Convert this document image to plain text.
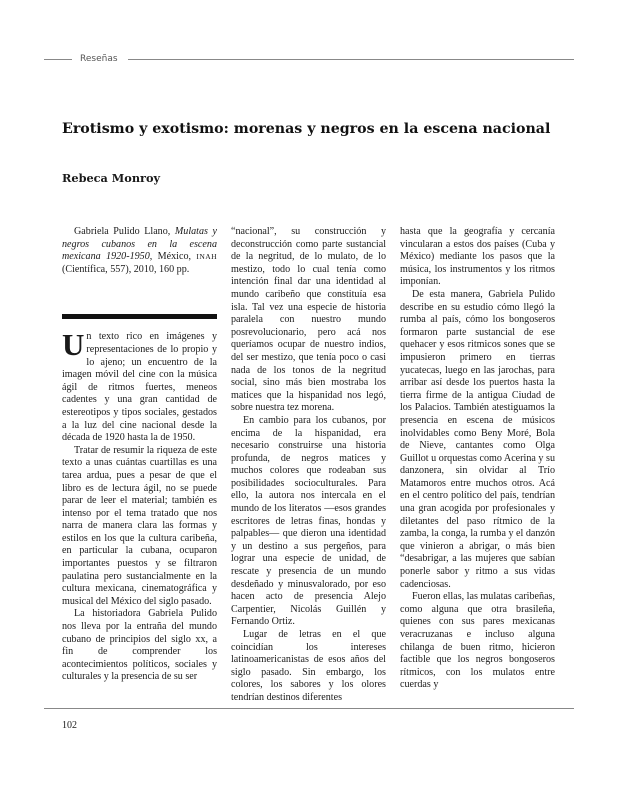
Reseñas
Erotismo y exotismo: morenas y negros en la escena nacional
Rebeca Monroy

Gabriela Pulido Llano, Mulatas y negros cubanos en la escena mexicana 1920-1950, México, INAH (Científica, 557), 2010, 160 pp.

Un texto rico en imágenes y representaciones de lo propio y lo ajeno; un encuentro de la imagen móvil del cine con la música ágil de ritmos fuertes, meneos cadentes y una gran cantidad de estereotipos y tipos sociales, gestados a la luz del cine nacional desde la década de 1920 hasta la de 1950.

Tratar de resumir la riqueza de este texto a unas cuántas cuartillas es una tarea ardua, pues a pesar de que el libro es de lectura ágil, no se puede parar de leer el material; también es intenso por el tema tratado que nos narra de manera clara las formas y estilos en los que la cultura caribeña, en particular la cubana, ocuparon importantes puestos y se filtraron paulatina pero sustancialmente en la cultura mexicana, cinematográfica y musical del México del siglo pasado.

La historiadora Gabriela Pulido nos lleva por la entraña del mundo cubano de principios del siglo xx, a fin de comprender los acontecimientos políticos, sociales y culturales y la presencia de su ser

“nacional”, su construcción y deconstrucción como parte sustancial de la negritud, de lo mulato, de lo mestizo, todo lo cual tenía como intención final dar una identidad al mundo caribeño que constituía esa isla. Tal vez una especie de historia paralela con nuestro mundo posrevolucionario, pero acá nos queríamos ocupar de nuestro indios, del ser mestizo, que tenía poco o casi nada de los tonos de la negritud social, sino más bien mostraba los matices que la hispanidad nos legó, sobre nuestra tez morena.

En cambio para los cubanos, por encima de la hispanidad, era necesario construirse una historia profunda, de negros matices y muchos colores que rodeaban sus posibilidades socioculturales. Para ello, la autora nos intercala en el mundo de los literatos —esos grandes escritores de letras finas, hondas y palpables— que dieron una identidad y un destino a sus pergeños, para lograr una especie de unidad, de rescate y presencia de un mundo desdeñado y minusvalorado, por eso hacen acto de presencia Alejo Carpentier, Nicolás Guillén y Fernando Ortiz.

Lugar de letras en el que coincidían los intereses latinoamericanistas de esos años del siglo pasado. Sin embargo, los colores, los sabores y los olores tendrían destinos diferentes

hasta que la geografía y cercanía vincularan a estos dos países (Cuba y México) mediante los pasos que la música, los instrumentos y los ritmos imponían.

De esta manera, Gabriela Pulido describe en su estudio cómo llegó la rumba al país, cómo los bongoseros formaron parte sustancial de ese quehacer y esos ritmicos sones que se impusieron primero en tierras yucatecas, luego en las jarochas, para arribar así desde los puertos hasta la tierra firme de la antigua Ciudad de los Palacios. También atestiguamos la presencia en escena de músicos inolvidables como Beny Moré, Bola de Nieve, cantantes como Olga Guillot u orquestas como Acerina y su danzonera, sin olvidar al Trío Matamoros entre muchos otros. Acá en el centro político del país, tendrían una gran acogida por profesionales y diletantes del paso rítmico de la zamba, la conga, la rumba y el danzón que vinieron a abrigar, o más bien “desabrigar, a las mujeres que sabían ponerle sabor y ritmo a sus vidas cadenciosas.

Fueron ellas, las mulatas caribeñas, como alguna que otra brasileña, quienes con sus pares mexicanas veracruzanas e incluso alguna chilanga de buen ritmo, hicieron factible que los negros bongoseros rítmicos, con los mulatos entre cuerdas y

102
